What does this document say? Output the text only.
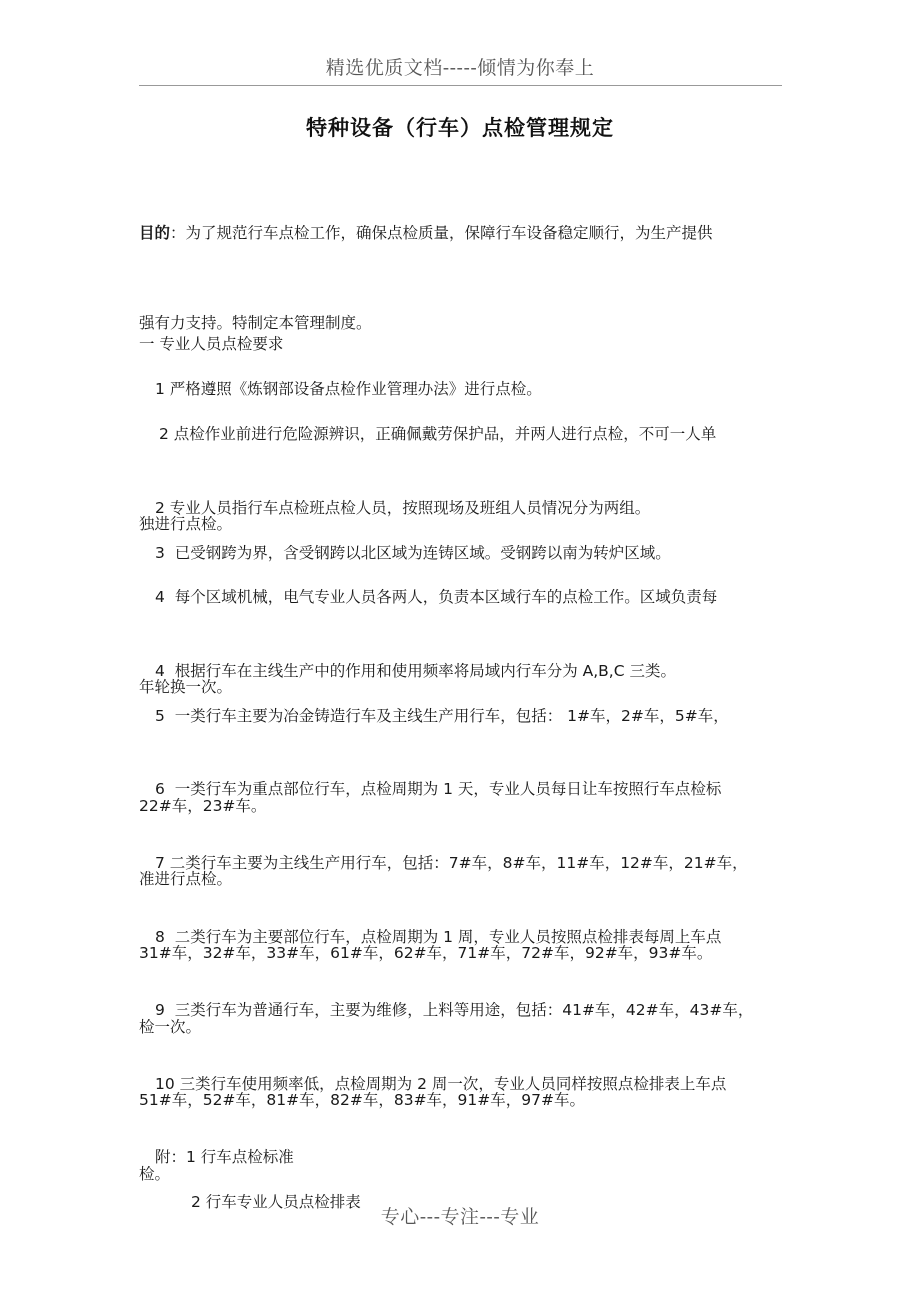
精选优质文档-----倾情为你奉上
特种设备（行车）点检管理规定

目的：为了规范行车点检工作，确保点检质量，保障行车设备稳定顺行，为生产提供

强有力支持。特制定本管理制度。

一 专业人员点检要求

1 严格遵照《炼钢部设备点检作业管理办法》进行点检。

2 点检作业前进行危险源辨识，正确佩戴劳保护品，并两人进行点检，不可一人单

独进行点检。

2 专业人员指行车点检班点检人员，按照现场及班组人员情况分为两组。

3  已受钢跨为界，含受钢跨以北区域为连铸区域。受钢跨以南为转炉区域。

4  每个区域机械，电气专业人员各两人，负责本区域行车的点检工作。区域负责每

年轮换一次。

4  根据行车在主线生产中的作用和使用频率将局域内行车分为 A,B,C 三类。

5  一类行车主要为冶金铸造行车及主线生产用行车，包括： 1#车，2#车，5#车，

22#车，23#车。

6  一类行车为重点部位行车，点检周期为 1 天，专业人员每日让车按照行车点检标

准进行点检。

7 二类行车主要为主线生产用行车，包括：7#车，8#车，11#车，12#车，21#车，

31#车，32#车，33#车，61#车，62#车，71#车，72#车，92#车，93#车。

8  二类行车为主要部位行车，点检周期为 1 周，专业人员按照点检排表每周上车点

检一次。

9  三类行车为普通行车，主要为维修，上料等用途，包括：41#车，42#车，43#车，

51#车，52#车，81#车，82#车，83#车，91#车，97#车。

10 三类行车使用频率低，点检周期为 2 周一次，专业人员同样按照点检排表上车点

检。

附：1 行车点检标准

2 行车专业人员点检排表

专心---专注---专业
